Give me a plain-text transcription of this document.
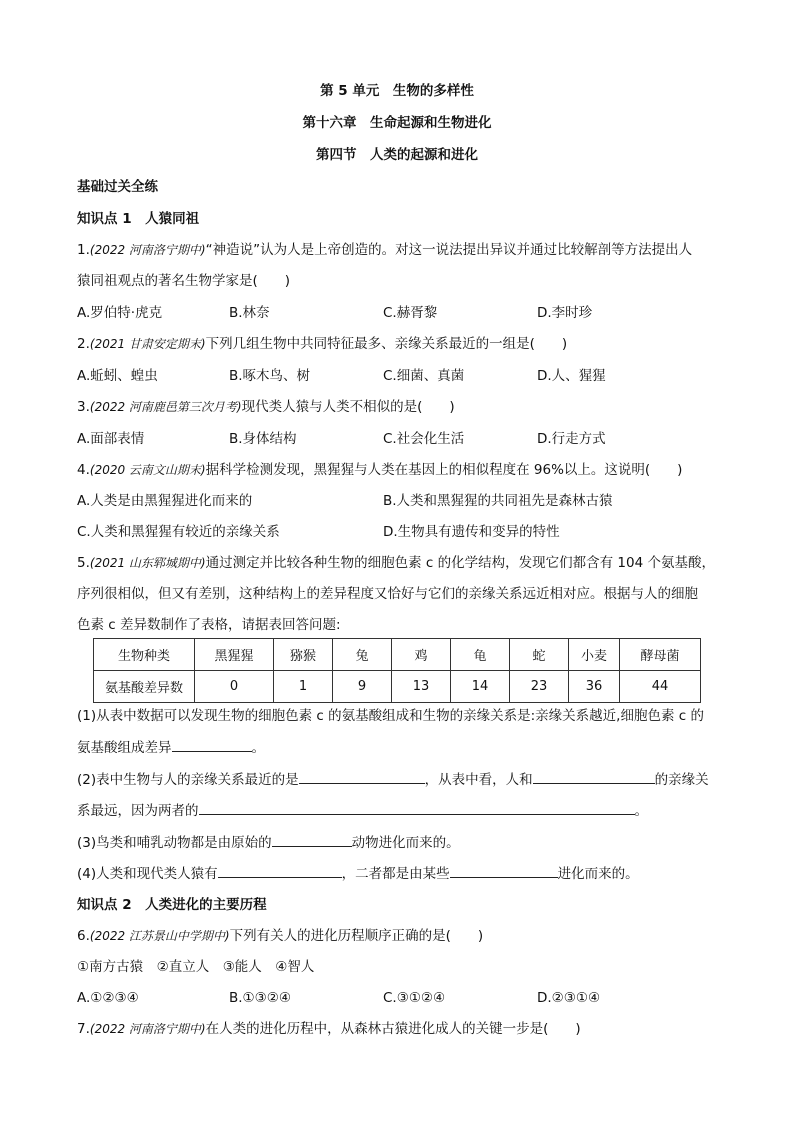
第 5 单元　生物的多样性
第十六章　生命起源和生物进化
第四节　人类的起源和进化
基础过关全练
知识点 1　人猿同祖
1.(2022 河南洛宁期中)“神造说”认为人是上帝创造的。对这一说法提出异议并通过比较解剖等方法提出人
猿同祖观点的著名生物学家是(　　)
A.罗伯特·虎克	B.林奈	C.赫胥黎	D.李时珍
2.(2021 甘肃安定期末)下列几组生物中共同特征最多、亲缘关系最近的一组是(　　)
A.蚯蚓、蝗虫	B.啄木鸟、树	C.细菌、真菌	D.人、猩猩
3.(2022 河南鹿邑第三次月考)现代类人猿与人类不相似的是(　　)
A.面部表情	B.身体结构	C.社会化生活	D.行走方式
4.(2020 云南文山期末)据科学检测发现，黑猩猩与人类在基因上的相似程度在 96%以上。这说明(　　)
A.人类是由黑猩猩进化而来的	B.人类和黑猩猩的共同祖先是森林古猿
C.人类和黑猩猩有较近的亲缘关系	D.生物具有遗传和变异的特性
5.(2021 山东郓城期中)通过测定并比较各种生物的细胞色素 c 的化学结构，发现它们都含有 104 个氨基酸，
序列很相似，但又有差别，这种结构上的差异程度又恰好与它们的亲缘关系远近相对应。根据与人的细胞
色素 c 差异数制作了表格，请据表回答问题:
生物种类	黑猩猩	猕猴	兔	鸡	龟	蛇	小麦	酵母菌
氨基酸差异数	0	1	9	13	14	23	36	44
(1)从表中数据可以发现生物的细胞色素 c 的氨基酸组成和生物的亲缘关系是:亲缘关系越近,细胞色素 c 的
氨基酸组成差异	。
(2)表中生物与人的亲缘关系最近的是	，从表中看，人和	的亲缘关
系最远，因为两者的	。
(3)鸟类和哺乳动物都是由原始的	动物进化而来的。
(4)人类和现代类人猿有	，二者都是由某些	进化而来的。
知识点 2　人类进化的主要历程
6.(2022 江苏景山中学期中)下列有关人的进化历程顺序正确的是(　　)
①南方古猿　②直立人　③能人　④智人
A.①②③④	B.①③②④	C.③①②④	D.②③①④
7.(2022 河南洛宁期中)在人类的进化历程中，从森林古猿进化成人的关键一步是(　　)
